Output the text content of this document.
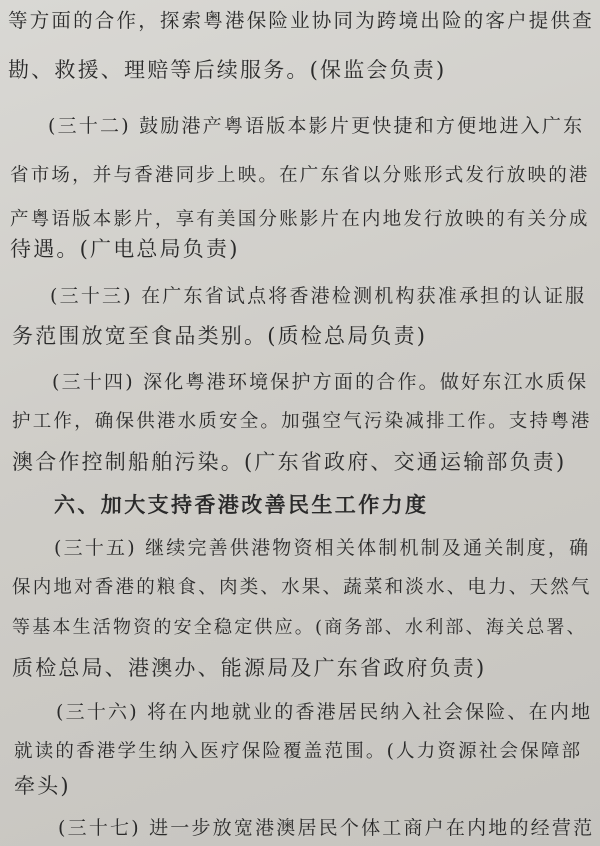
等方面的合作，探索粤港保险业协同为跨境出险的客户提供查
勘、救援、理赔等后续服务。(保监会负责)
(三十二) 鼓励港产粤语版本影片更快捷和方便地进入广东
省市场，并与香港同步上映。在广东省以分账形式发行放映的港
产粤语版本影片，享有美国分账影片在内地发行放映的有关分成
待遇。(广电总局负责)
(三十三) 在广东省试点将香港检测机构获准承担的认证服
务范围放宽至食品类别。(质检总局负责)
(三十四) 深化粤港环境保护方面的合作。做好东江水质保
护工作，确保供港水质安全。加强空气污染减排工作。支持粤港
澳合作控制船舶污染。(广东省政府、交通运输部负责)
六、加大支持香港改善民生工作力度
(三十五) 继续完善供港物资相关体制机制及通关制度，确
保内地对香港的粮食、肉类、水果、蔬菜和淡水、电力、天然气
等基本生活物资的安全稳定供应。(商务部、水利部、海关总署、
质检总局、港澳办、能源局及广东省政府负责)
(三十六) 将在内地就业的香港居民纳入社会保险、在内地
就读的香港学生纳入医疗保险覆盖范围。(人力资源社会保障部
牵头)
(三十七) 进一步放宽港澳居民个体工商户在内地的经营范
